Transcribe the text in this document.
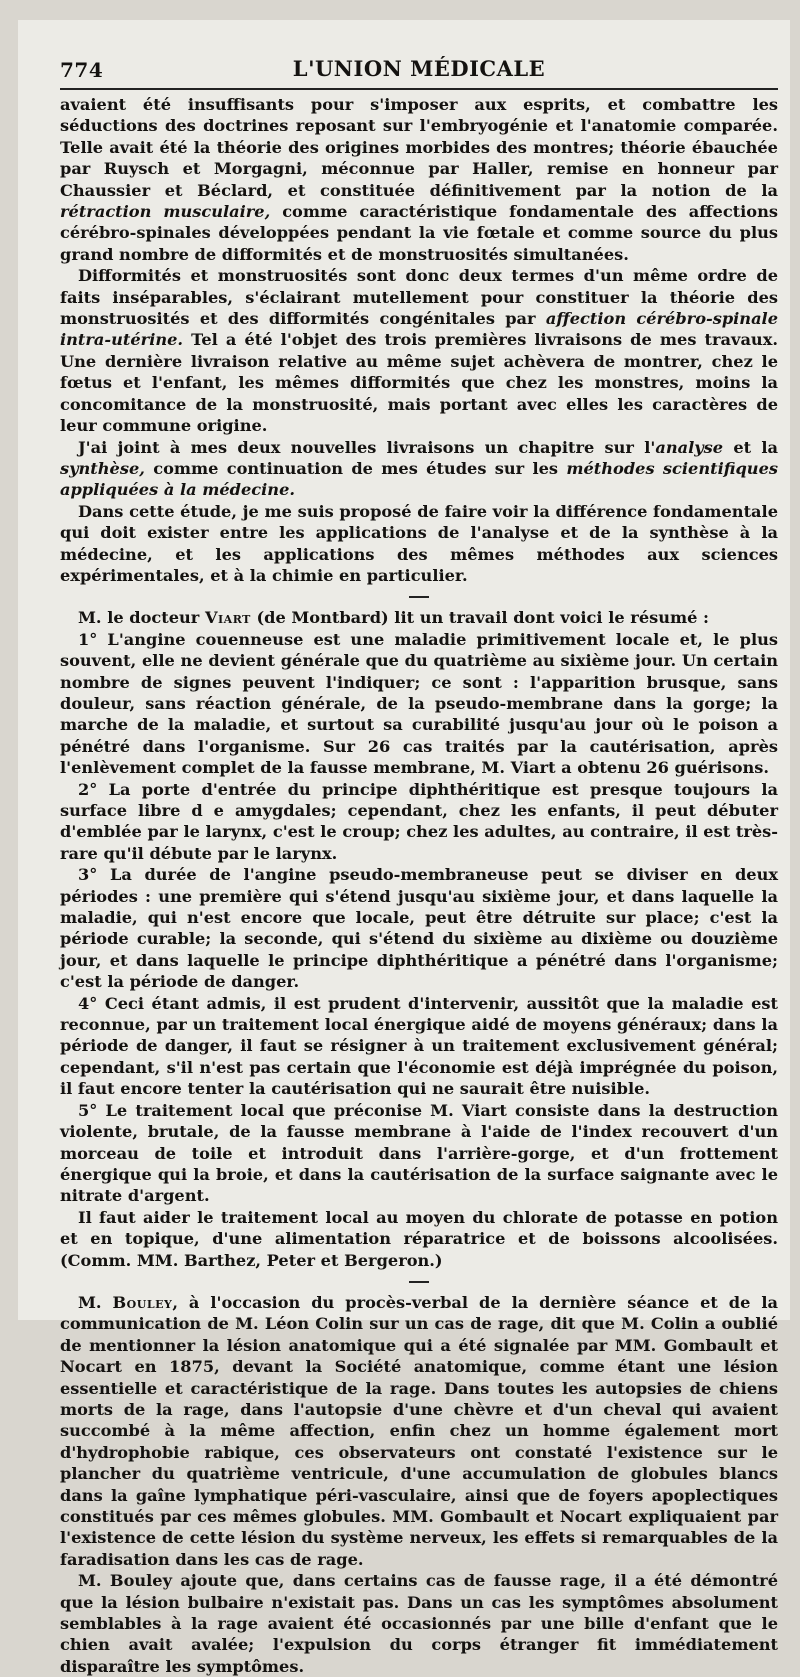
774	L'UNION MÉDICALE

avaient été insuffisants pour s'imposer aux esprits, et combattre les séductions des doctrines reposant sur l'embryogénie et l'anatomie comparée. Telle avait été la théorie des origines morbides des montres; théorie ébauchée par Ruysch et Morgagni, méconnue par Haller, remise en honneur par Chaussier et Béclard, et constituée définitivement par la notion de la rétraction musculaire, comme caractéristique fondamentale des affections cérébro-spinales développées pendant la vie fœtale et comme source du plus grand nombre de difformités et de monstruosités simultanées.

Difformités et monstruosités sont donc deux termes d'un même ordre de faits inséparables, s'éclairant mutellement pour constituer la théorie des monstruosités et des difformités congénitales par affection cérébro-spinale intra-utérine. Tel a été l'objet des trois premières livraisons de mes travaux. Une dernière livraison relative au même sujet achèvera de montrer, chez le fœtus et l'enfant, les mêmes difformités que chez les monstres, moins la concomitance de la monstruosité, mais portant avec elles les caractères de leur commune origine.

J'ai joint à mes deux nouvelles livraisons un chapitre sur l'analyse et la synthèse, comme continuation de mes études sur les méthodes scientifiques appliquées à la médecine.

Dans cette étude, je me suis proposé de faire voir la différence fondamentale qui doit exister entre les applications de l'analyse et de la synthèse à la médecine, et les applications des mêmes méthodes aux sciences expérimentales, et à la chimie en particulier.

M. le docteur Viart (de Montbard) lit un travail dont voici le résumé :

1° L'angine couenneuse est une maladie primitivement locale et, le plus souvent, elle ne devient générale que du quatrième au sixième jour. Un certain nombre de signes peuvent l'indiquer; ce sont : l'apparition brusque, sans douleur, sans réaction générale, de la pseudo-membrane dans la gorge; la marche de la maladie, et surtout sa curabilité jusqu'au jour où le poison a pénétré dans l'organisme. Sur 26 cas traités par la cautérisation, après l'enlèvement complet de la fausse membrane, M. Viart a obtenu 26 guérisons.

2° La porte d'entrée du principe diphthéritique est presque toujours la surface libre d e amygdales; cependant, chez les enfants, il peut débuter d'emblée par le larynx, c'est le croup; chez les adultes, au contraire, il est très-rare qu'il débute par le larynx.

3° La durée de l'angine pseudo-membraneuse peut se diviser en deux périodes : une première qui s'étend jusqu'au sixième jour, et dans laquelle la maladie, qui n'est encore que locale, peut être détruite sur place; c'est la période curable; la seconde, qui s'étend du sixième au dixième ou douzième jour, et dans laquelle le principe diphthéritique a pénétré dans l'organisme; c'est la période de danger.

4° Ceci étant admis, il est prudent d'intervenir, aussitôt que la maladie est reconnue, par un traitement local énergique aidé de moyens généraux; dans la période de danger, il faut se résigner à un traitement exclusivement général; cependant, s'il n'est pas certain que l'économie est déjà imprégnée du poison, il faut encore tenter la cautérisation qui ne saurait être nuisible.

5° Le traitement local que préconise M. Viart consiste dans la destruction violente, brutale, de la fausse membrane à l'aide de l'index recouvert d'un morceau de toile et introduit dans l'arrière-gorge, et d'un frottement énergique qui la broie, et dans la cautérisation de la surface saignante avec le nitrate d'argent.

Il faut aider le traitement local au moyen du chlorate de potasse en potion et en topique, d'une alimentation réparatrice et de boissons alcoolisées. (Comm. MM. Barthez, Peter et Bergeron.)

M. Bouley, à l'occasion du procès-verbal de la dernière séance et de la communication de M. Léon Colin sur un cas de rage, dit que M. Colin a oublié de mentionner la lésion anatomique qui a été signalée par MM. Gombault et Nocart en 1875, devant la Société anatomique, comme étant une lésion essentielle et caractéristique de la rage. Dans toutes les autopsies de chiens morts de la rage, dans l'autopsie d'une chèvre et d'un cheval qui avaient succombé à la même affection, enfin chez un homme également mort d'hydrophobie rabique, ces observateurs ont constaté l'existence sur le plancher du quatrième ventricule, d'une accumulation de globules blancs dans la gaîne lymphatique péri-vasculaire, ainsi que de foyers apoplectiques constitués par ces mêmes globules. MM. Gombault et Nocart expliquaient par l'existence de cette lésion du système nerveux, les effets si remarquables de la faradisation dans les cas de rage.

M. Bouley ajoute que, dans certains cas de fausse rage, il a été démontré que la lésion bulbaire n'existait pas. Dans un cas les symptômes absolument semblables à la rage avaient été occasionnés par une bille d'enfant que le chien avait avalée; l'expulsion du corps étranger fit immédiatement disparaître les symptômes.
